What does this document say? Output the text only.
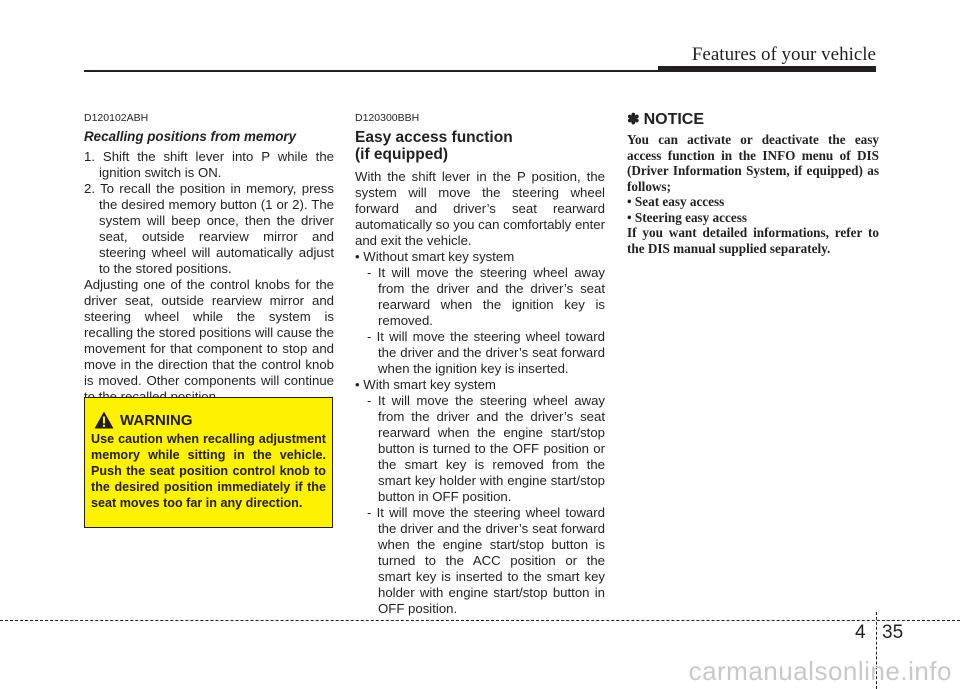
Features of your vehicle

D120102ABH

Recalling positions from memory

1. Shift the shift lever into P while the ignition switch is ON.

2. To recall the position in memory, press the desired memory button (1 or 2). The system will beep once, then the driver seat, outside rearview mirror and steering wheel will automatically adjust to the stored positions.

Adjusting one of the control knobs for the driver seat, outside rearview mirror and steering wheel while the system is recalling the stored positions will cause the movement for that component to stop and move in the direction that the control knob is moved. Other components will continue

WARNING
Use caution when recalling adjustment memory while sitting in the vehicle. Push the seat position control knob to the desired position immediately if the seat moves too far in any direction.

D120300BBH

Easy access function
(if equipped)

With the shift lever in the P position, the system will move the steering wheel forward and driver’s seat rearward automatically so you can comfortably enter and exit the vehicle.

• Without smart key system

- It will move the steering wheel away from the driver and the driver’s seat rearward when the ignition key is removed.

- It will move the steering wheel toward the driver and the driver’s seat forward when the ignition key is inserted.

• With smart key system

- It will move the steering wheel away from the driver and the driver’s seat rearward when the engine start/stop button is turned to the OFF position or the smart key is removed from the smart key holder with engine start/stop button in OFF position.

- It will move the steering wheel toward the driver and the driver’s seat forward when the engine start/stop button is turned to the ACC position or the smart key is inserted to the smart key holder with engine start/stop button in OFF position.

✽ NOTICE
You can activate or deactivate the easy access function in the INFO menu of DIS (Driver Information System, if equipped) as follows;
• Seat easy access
• Steering easy access
If you want detailed informations, refer to the DIS manual supplied separately.
4 35
carmanualsonline.info
